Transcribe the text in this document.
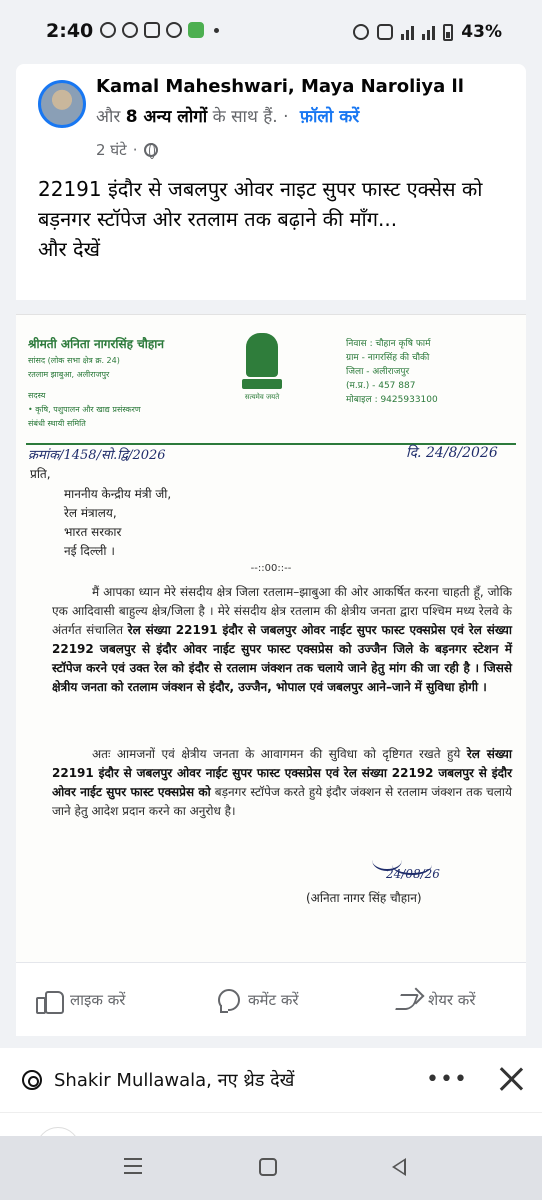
2:40	43%
Kamal Maheshwari, Maya Naroliya ll
और 8 अन्य लोगों के साथ हैं. · फ़ॉलो करें
2 घंटे ·
22191 इंदौर से जबलपुर ओवर नाइट सुपर फास्ट एक्सेस को बड़नगर स्टॉपेज ओर रतलाम तक बढ़ाने की माँग...
और देखें
श्रीमती अनिता नागरसिंह चौहान
सांसद (लोक सभा क्षेत्र क्र. 24)
रतलाम झाबुआ, अलीराजपुर
सदस्य
• कृषि, पशुपालन और खाद्य प्रसंस्करण
संबंधी स्थायी समिति
सत्यमेव जयते
निवास : चौहान कृषि फार्म
ग्राम - नागरसिंह की चौकी
जिला - अलीराजपुर
(म.प्र.) - 457 887
मोबाइल : 9425933100
क्रमांक/1458/सो.द्वि/2026	दि. 24/8/2026
प्रति,
माननीय केन्द्रीय मंत्री जी,
रेल मंत्रालय,
भारत सरकार
नई दिल्ली ।
--::00::--
मैं आपका ध्यान मेरे संसदीय क्षेत्र जिला रतलाम–झाबुआ की ओर आकर्षित करना चाहती हूँ, जोकि एक आदिवासी बाहुल्य क्षेत्र/जिला है । मेरे संसदीय क्षेत्र रतलाम की क्षेत्रीय जनता द्वारा पश्चिम मध्य रेलवे के अंतर्गत संचालित रेल संख्या 22191 इंदौर से जबलपुर ओवर नाईट सुपर फास्ट एक्सप्रेस एवं रेल संख्या 22192 जबलपुर से इंदौर ओवर नाईट सुपर फास्ट एक्सप्रेस को उज्जैन जिले के बड़नगर स्टेशन में स्टॉपेज करने एवं उक्त रेल को इंदौर से रतलाम जंक्शन तक चलाये जाने हेतु मांग की जा रही है । जिससे क्षेत्रीय जनता को रतलाम जंक्शन से इंदौर, उज्जैन, भोपाल एवं जबलपुर आने–जाने में सुविधा होगी ।
अतः आमजनों एवं क्षेत्रीय जनता के आवागमन की सुविधा को दृष्टिगत रखते हुये रेल संख्या 22191 इंदौर से जबलपुर ओवर नाईट सुपर फास्ट एक्सप्रेस एवं रेल संख्या 22192 जबलपुर से इंदौर ओवर नाईट सुपर फास्ट एक्सप्रेस को बड़नगर स्टॉपेज करते हुये इंदौर जंक्शन से रतलाम जंक्शन तक चलाये जाने हेतु आदेश प्रदान करने का अनुरोध है।
24/08/26
(अनिता नागर सिंह चौहान)
लाइक करें	कमेंट करें	शेयर करें
Shakir Mullawala, नए थ्रेड देखें	•••
